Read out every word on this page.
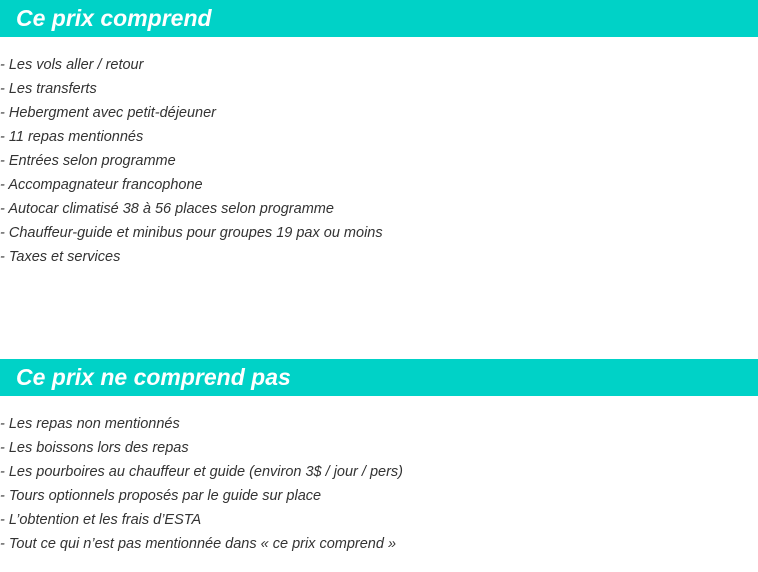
Ce prix comprend
- Les vols aller / retour
- Les transferts
- Hebergment avec petit-déjeuner
- 11 repas mentionnés
- Entrées selon programme
- Accompagnateur francophone
- Autocar climatisé 38 à 56 places selon programme
- Chauffeur-guide et minibus pour groupes 19 pax ou moins
- Taxes et services
Ce prix ne comprend pas
- Les repas non mentionnés
- Les boissons lors des repas
- Les pourboires au chauffeur et guide (environ 3$ / jour / pers)
- Tours optionnels proposés par le guide sur place
- L’obtention et les frais d’ESTA
- Tout ce qui n’est pas mentionnée dans « ce prix comprend »
